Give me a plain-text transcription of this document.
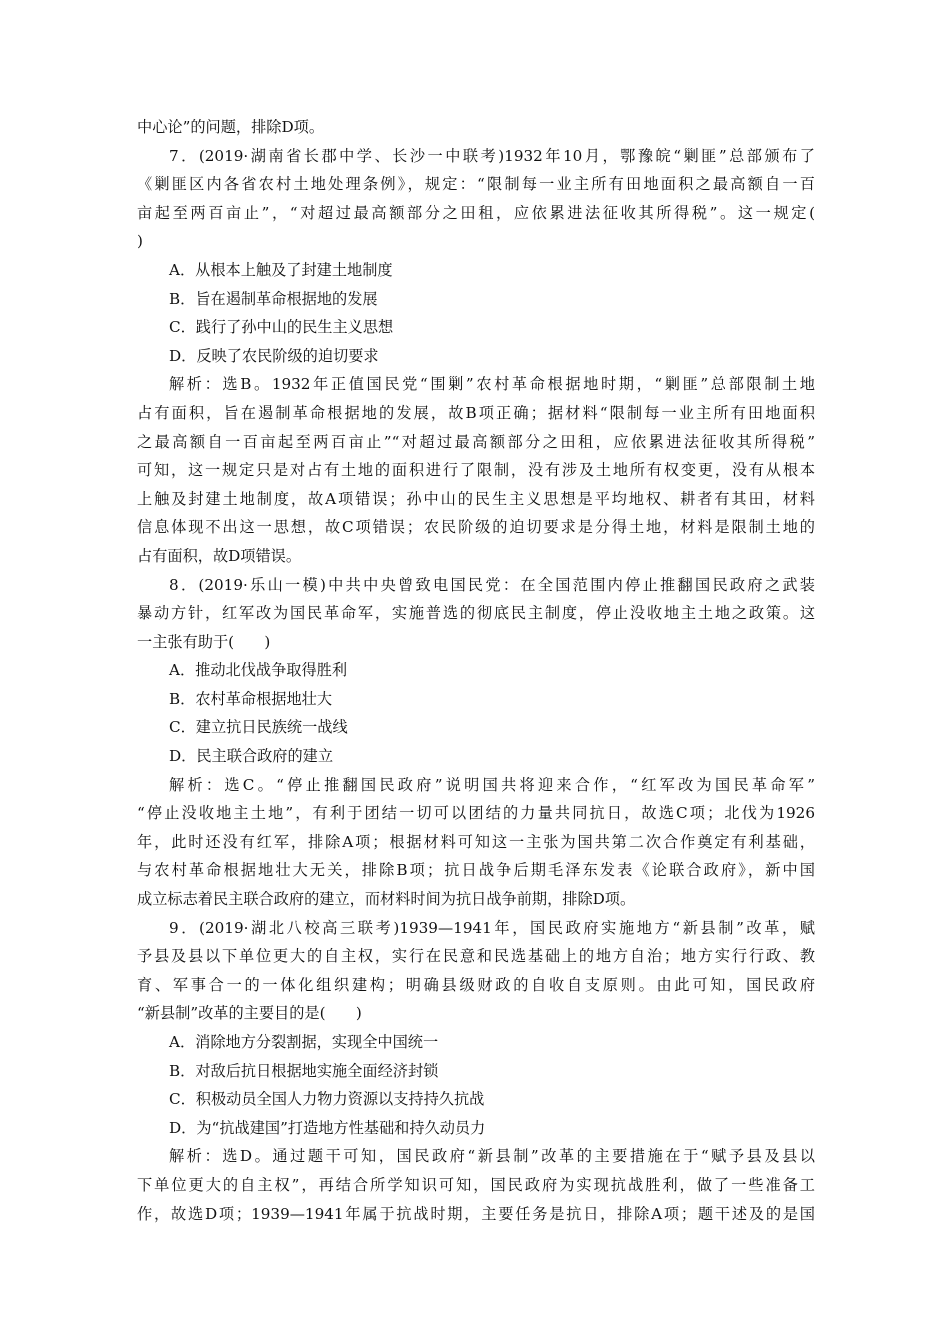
中心论”的问题，排除D项。
7．(2019·湖南省长郡中学、长沙一中联考)1932年10月，鄂豫皖“剿匪”总部颁布了
《剿匪区内各省农村土地处理条例》，规定：“限制每一业主所有田地面积之最高额自一百
亩起至两百亩止”，“对超过最高额部分之田租，应依累进法征收其所得税”。这一规定(
)
A．从根本上触及了封建土地制度
B．旨在遏制革命根据地的发展
C．践行了孙中山的民生主义思想
D．反映了农民阶级的迫切要求
解析：选B。1932年正值国民党“围剿”农村革命根据地时期，“剿匪”总部限制土地
占有面积，旨在遏制革命根据地的发展，故B项正确；据材料“限制每一业主所有田地面积
之最高额自一百亩起至两百亩止”“对超过最高额部分之田租，应依累进法征收其所得税”
可知，这一规定只是对占有土地的面积进行了限制，没有涉及土地所有权变更，没有从根本
上触及封建土地制度，故A项错误；孙中山的民生主义思想是平均地权、耕者有其田，材料
信息体现不出这一思想，故C项错误；农民阶级的迫切要求是分得土地，材料是限制土地的
占有面积，故D项错误。
8．(2019·乐山一模)中共中央曾致电国民党：在全国范围内停止推翻国民政府之武装
暴动方针，红军改为国民革命军，实施普选的彻底民主制度，停止没收地主土地之政策。这
一主张有助于(　　)
A．推动北伐战争取得胜利
B．农村革命根据地壮大
C．建立抗日民族统一战线
D．民主联合政府的建立
解析：选C。“停止推翻国民政府”说明国共将迎来合作，“红军改为国民革命军”
“停止没收地主土地”，有利于团结一切可以团结的力量共同抗日，故选C项；北伐为1926
年，此时还没有红军，排除A项；根据材料可知这一主张为国共第二次合作奠定有利基础，
与农村革命根据地壮大无关，排除B项；抗日战争后期毛泽东发表《论联合政府》，新中国
成立标志着民主联合政府的建立，而材料时间为抗日战争前期，排除D项。
9．(2019·湖北八校高三联考)1939—1941年，国民政府实施地方“新县制”改革，赋
予县及县以下单位更大的自主权，实行在民意和民选基础上的地方自治；地方实行行政、教
育、军事合一的一体化组织建构；明确县级财政的自收自支原则。由此可知，国民政府
“新县制”改革的主要目的是(　　)
A．消除地方分裂割据，实现全中国统一
B．对敌后抗日根据地实施全面经济封锁
C．积极动员全国人力物力资源以支持持久抗战
D．为“抗战建国”打造地方性基础和持久动员力
解析：选D。通过题干可知，国民政府“新县制”改革的主要措施在于“赋予县及县以
下单位更大的自主权”，再结合所学知识可知，国民政府为实现抗战胜利，做了一些准备工
作，故选D项；1939—1941年属于抗战时期，主要任务是抗日，排除A项；题干述及的是国
